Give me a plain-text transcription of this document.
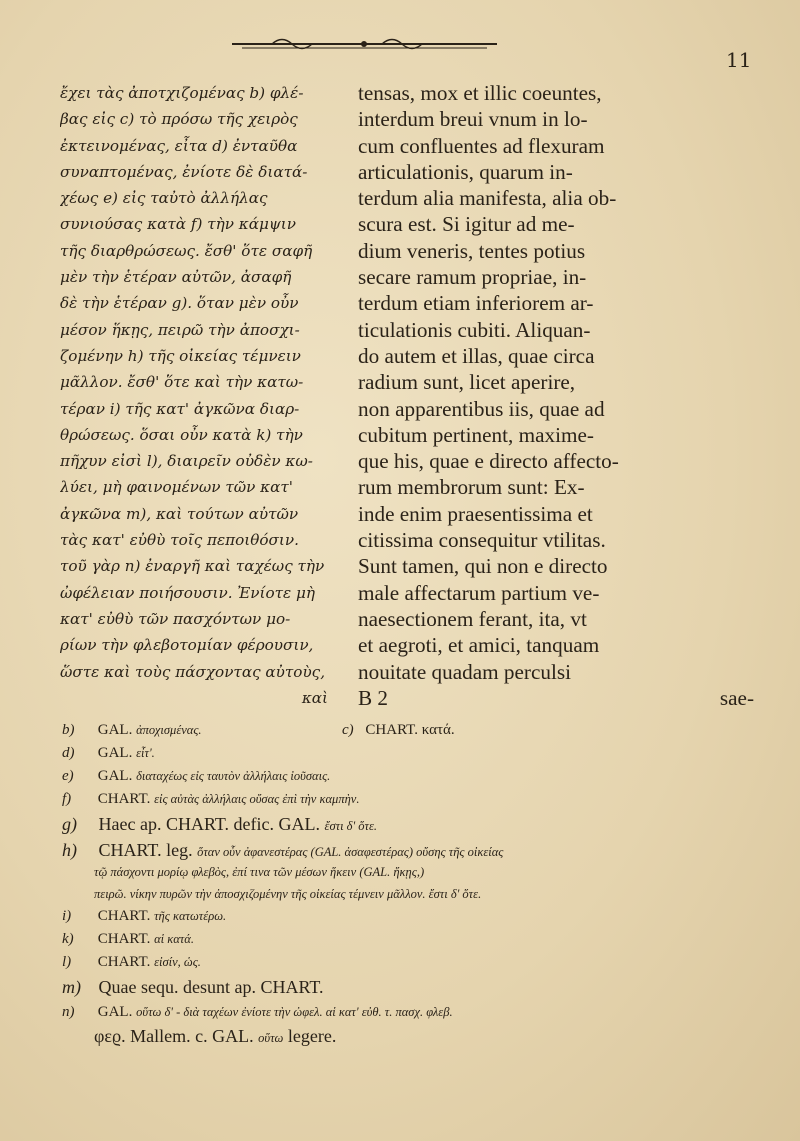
11
ἔχει τὰς ἀποτχιζομένας b) φλέ-
βας εἰς c) τὸ πρόσω τῆς χειρὸς
ἐκτεινομένας, εἶτα d) ἐνταῦθα
συναπτομένας, ἐνίοτε δὲ διατά-
χέως e) εἰς ταὐτὸ ἀλλήλας
συνιούσας κατὰ f) τὴν κάμψιν
τῆς διαρθρώσεως. ἔσθ' ὅτε σαφῆ
μὲν τὴν ἑτέραν αὐτῶν, ἀσαφῆ
δὲ τὴν ἑτέραν g). ὅταν μὲν οὖν
μέσον ἥκῃς, πειρῶ τὴν ἀποσχι-
ζομένην h) τῆς οἰκείας τέμνειν
μᾶλλον. ἔσθ' ὅτε καὶ τὴν κατω-
τέραν i) τῆς κατ' ἀγκῶνα διαρ-
θρώσεως. ὅσαι οὖν κατὰ k) τὴν
πῆχυν εἰσὶ l), διαιρεῖν οὐδὲν κω-
λύει, μὴ φαινομένων τῶν κατ'
ἀγκῶνα m), καὶ τούτων αὐτῶν
τὰς κατ' εὐθὺ τοῖς πεποιθόσιν.
τοῦ γὰρ n) ἐναργῆ καὶ ταχέως τὴν
ὠφέλειαν ποιήσουσιν. Ἐνίοτε μὴ
κατ' εὐθὺ τῶν πασχόντων μο-
ρίων τὴν φλεβοτομίαν φέρουσιν,
ὥστε καὶ τοὺς πάσχοντας αὐτοὺς,
καὶ
tensas, mox et illic coeuntes,
interdum breui vnum in lo-
cum confluentes ad flexuram
articulationis, quarum in-
terdum alia manifesta, alia ob-
scura est. Si igitur ad me-
dium veneris, tentes potius
secare ramum propriae, in-
terdum etiam inferiorem ar-
ticulationis cubiti. Aliquan-
do autem et illas, quae circa
radium sunt, licet aperire,
non apparentibus iis, quae ad
cubitum pertinent, maxime-
que his, quae e directo affecto-
rum membrorum sunt: Ex-
inde enim praesentissima et
citissima consequitur vtilitas.
Sunt tamen, qui non e directo
male affectarum partium ve-
naesectionem ferant, ita, vt
et aegroti, et amici, tanquam
nouitate quadam perculsi
B 2	sae-
b) GAL. ἀποχισμένας.	c) CHART. κατά.
d) GAL. εἶτ'.
e) GAL. διαταχέως εἰς ταυτὸν ἀλλήλαις ἰοῦσαις.
f) CHART. εἰς αὐτὰς ἀλλήλαις οὔσας ἐπὶ τὴν καμπὴν.
g) Haec ap. CHART. defic. GAL. ἔστι δ' ὅτε.
h) CHART. leg. ὅταν οὖν ἀφανεστέρας (GAL. ἀσαφεστέρας) οὔσης τῆς οἰκείας
τῷ πάσχοντι μορίῳ φλεβὸς, ἐπί τινα τῶν μέσων ἥκειν (GAL. ἥκῃς,)
πειρῶ. νίκην πυρῶν τὴν ἀποσχιζομένην τῆς οἰκείας τέμνειν μᾶλλον. ἔστι δ' ὅτε.
i) CHART. τῆς κατωτέρω.
k) CHART. αἱ κατά.
l) CHART. εἰσίν, ὡς.
m) Quae sequ. desunt ap. CHART.
n) GAL. οὕτω δ' - διὰ ταχέων ἐνίοτε τὴν ὠφελ. αἱ κατ' εὐθ. τ. πασχ. φλεβ.
φεϱ. Mallem. c. GAL. οὕτω legere.
